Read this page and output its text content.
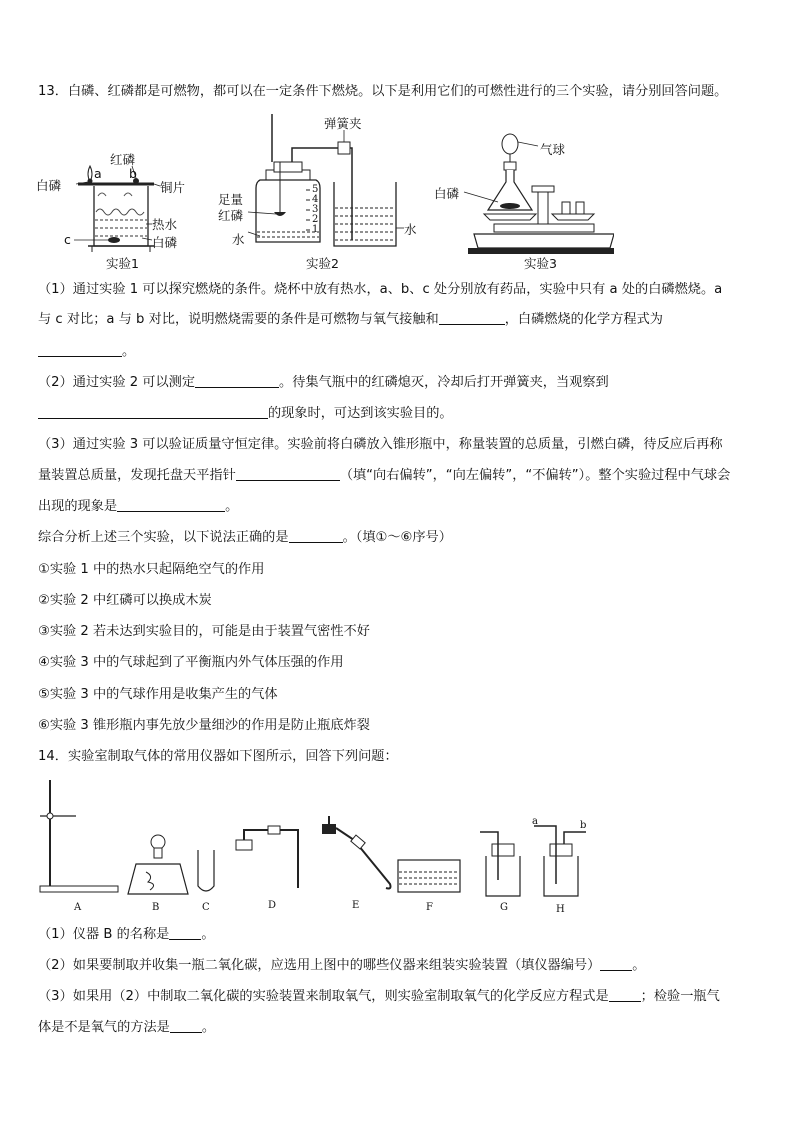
13．白磷、红磷都是可燃物，都可以在一定条件下燃烧。以下是利用它们的可燃性进行的三个实验，请分别回答问题。
红磷
a b
白磷	铜片
热水
白磷
c
实验1
弹簧夹
足量
红磷
水
水
5
4
3
2
1
实验2
气球
白磷
实验3
（1）通过实验 1 可以探究燃烧的条件。烧杯中放有热水，a、b、c 处分别放有药品，实验中只有 a 处的白磷燃烧。a
与 c 对比；a 与 b 对比，说明燃烧需要的条件是可燃物与氧气接触和	，白磷燃烧的化学方程式为
。
（2）通过实验 2 可以测定	。待集气瓶中的红磷熄灭，冷却后打开弹簧夹，当观察到
的现象时，可达到该实验目的。
（3）通过实验 3 可以验证质量守恒定律。实验前将白磷放入锥形瓶中，称量装置的总质量，引燃白磷，待反应后再称
量装置总质量，发现托盘天平指针	（填“向右偏转”，“向左偏转”，“不偏转”）。整个实验过程中气球会
出现的现象是	。
综合分析上述三个实验，以下说法正确的是	。（填①～⑥序号）
①实验 1 中的热水只起隔绝空气的作用
②实验 2 中红磷可以换成木炭
③实验 2 若未达到实验目的，可能是由于装置气密性不好
④实验 3 中的气球起到了平衡瓶内外气体压强的作用
⑤实验 3 中的气球作用是收集产生的气体
⑥实验 3 锥形瓶内事先放少量细沙的作用是防止瓶底炸裂
14．实验室制取气体的常用仪器如下图所示，回答下列问题：
A	B	C	D	E	F	G	H
a	b
（1）仪器 B 的名称是 。
（2）如果要制取并收集一瓶二氧化碳，应选用上图中的哪些仪器来组装实验装置（填仪器编号） 。
（3）如果用（2）中制取二氧化碳的实验装置来制取氧气，则实验室制取氧气的化学反应方程式是 ；检验一瓶气
体是不是氧气的方法是 。
